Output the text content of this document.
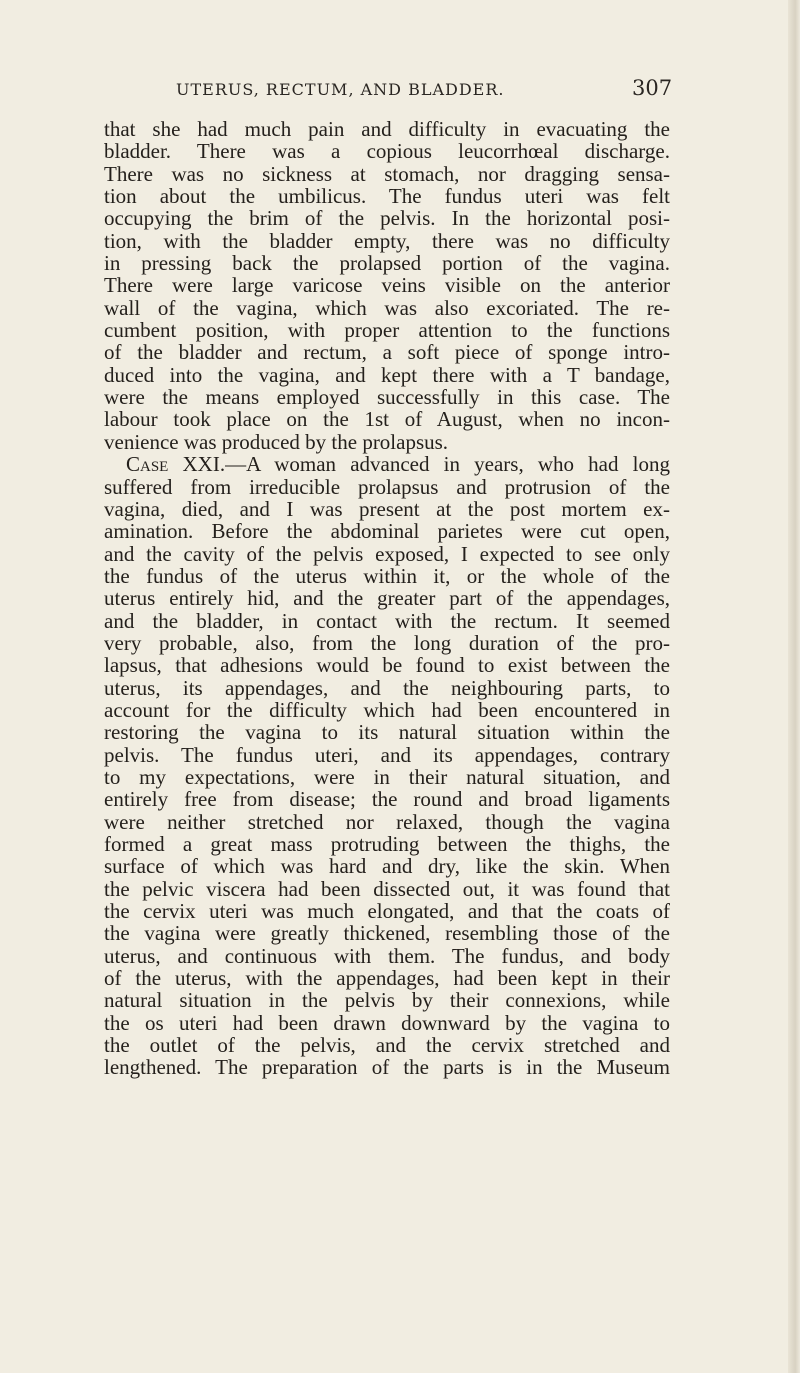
UTERUS, RECTUM, AND BLADDER.	307
that she had much pain and difficulty in evacuating the
bladder. There was a copious leucorrhœal discharge.
There was no sickness at stomach, nor dragging sensa-
tion about the umbilicus. The fundus uteri was felt
occupying the brim of the pelvis. In the horizontal posi-
tion, with the bladder empty, there was no difficulty
in pressing back the prolapsed portion of the vagina.
There were large varicose veins visible on the anterior
wall of the vagina, which was also excoriated. The re-
cumbent position, with proper attention to the functions
of the bladder and rectum, a soft piece of sponge intro-
duced into the vagina, and kept there with a T bandage,
were the means employed successfully in this case. The
labour took place on the 1st of August, when no incon-
venience was produced by the prolapsus.
Case XXI.—A woman advanced in years, who had long
suffered from irreducible prolapsus and protrusion of the
vagina, died, and I was present at the post mortem ex-
amination. Before the abdominal parietes were cut open,
and the cavity of the pelvis exposed, I expected to see only
the fundus of the uterus within it, or the whole of the
uterus entirely hid, and the greater part of the appendages,
and the bladder, in contact with the rectum. It seemed
very probable, also, from the long duration of the pro-
lapsus, that adhesions would be found to exist between the
uterus, its appendages, and the neighbouring parts, to
account for the difficulty which had been encountered in
restoring the vagina to its natural situation within the
pelvis. The fundus uteri, and its appendages, contrary
to my expectations, were in their natural situation, and
entirely free from disease; the round and broad ligaments
were neither stretched nor relaxed, though the vagina
formed a great mass protruding between the thighs, the
surface of which was hard and dry, like the skin. When
the pelvic viscera had been dissected out, it was found that
the cervix uteri was much elongated, and that the coats of
the vagina were greatly thickened, resembling those of the
uterus, and continuous with them. The fundus, and body
of the uterus, with the appendages, had been kept in their
natural situation in the pelvis by their connexions, while
the os uteri had been drawn downward by the vagina to
the outlet of the pelvis, and the cervix stretched and
lengthened. The preparation of the parts is in the Museum
